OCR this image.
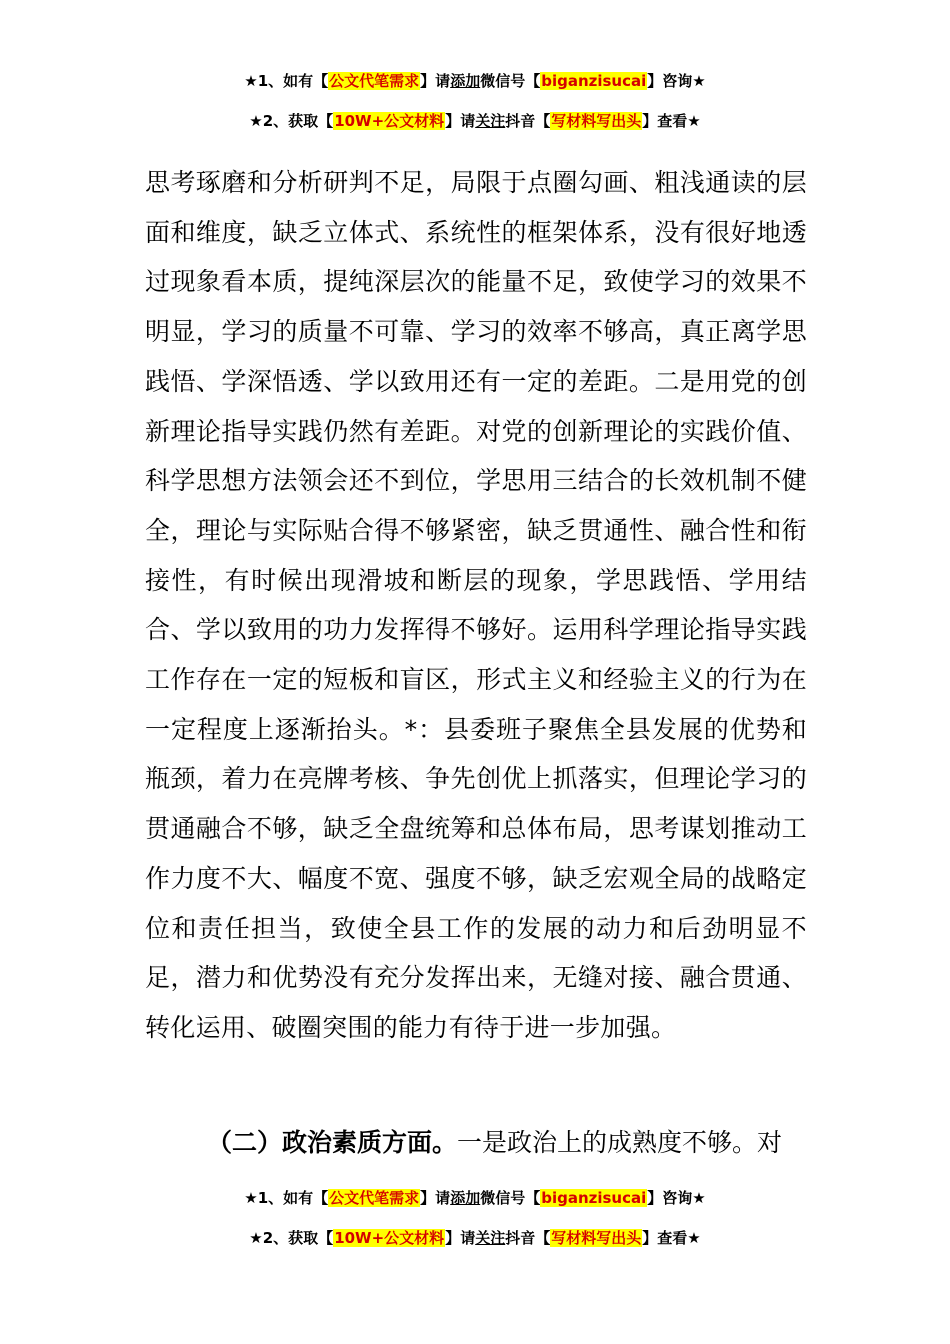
★1、如有【公文代笔需求】请添加微信号【biganzisucai】咨询★
★2、获取【10W+公文材料】请关注抖音【写材料写出头】查看★

思考琢磨和分析研判不足，局限于点圈勾画、粗浅通读的层面和维度，缺乏立体式、系统性的框架体系，没有很好地透过现象看本质，提纯深层次的能量不足，致使学习的效果不明显，学习的质量不可靠、学习的效率不够高，真正离学思践悟、学深悟透、学以致用还有一定的差距。二是用党的创新理论指导实践仍然有差距。对党的创新理论的实践价值、科学思想方法领会还不到位，学思用三结合的长效机制不健全，理论与实际贴合得不够紧密，缺乏贯通性、融合性和衔接性，有时候出现滑坡和断层的现象，学思践悟、学用结合、学以致用的功力发挥得不够好。运用科学理论指导实践工作存在一定的短板和盲区，形式主义和经验主义的行为在一定程度上逐渐抬头。*：县委班子聚焦全县发展的优势和瓶颈，着力在亮牌考核、争先创优上抓落实，但理论学习的贯通融合不够，缺乏全盘统筹和总体布局，思考谋划推动工作力度不大、幅度不宽、强度不够，缺乏宏观全局的战略定位和责任担当，致使全县工作的发展的动力和后劲明显不足，潜力和优势没有充分发挥出来，无缝对接、融合贯通、转化运用、破圈突围的能力有待于进一步加强。

（二）政治素质方面。一是政治上的成熟度不够。对

★1、如有【公文代笔需求】请添加微信号【biganzisucai】咨询★
★2、获取【10W+公文材料】请关注抖音【写材料写出头】查看★
